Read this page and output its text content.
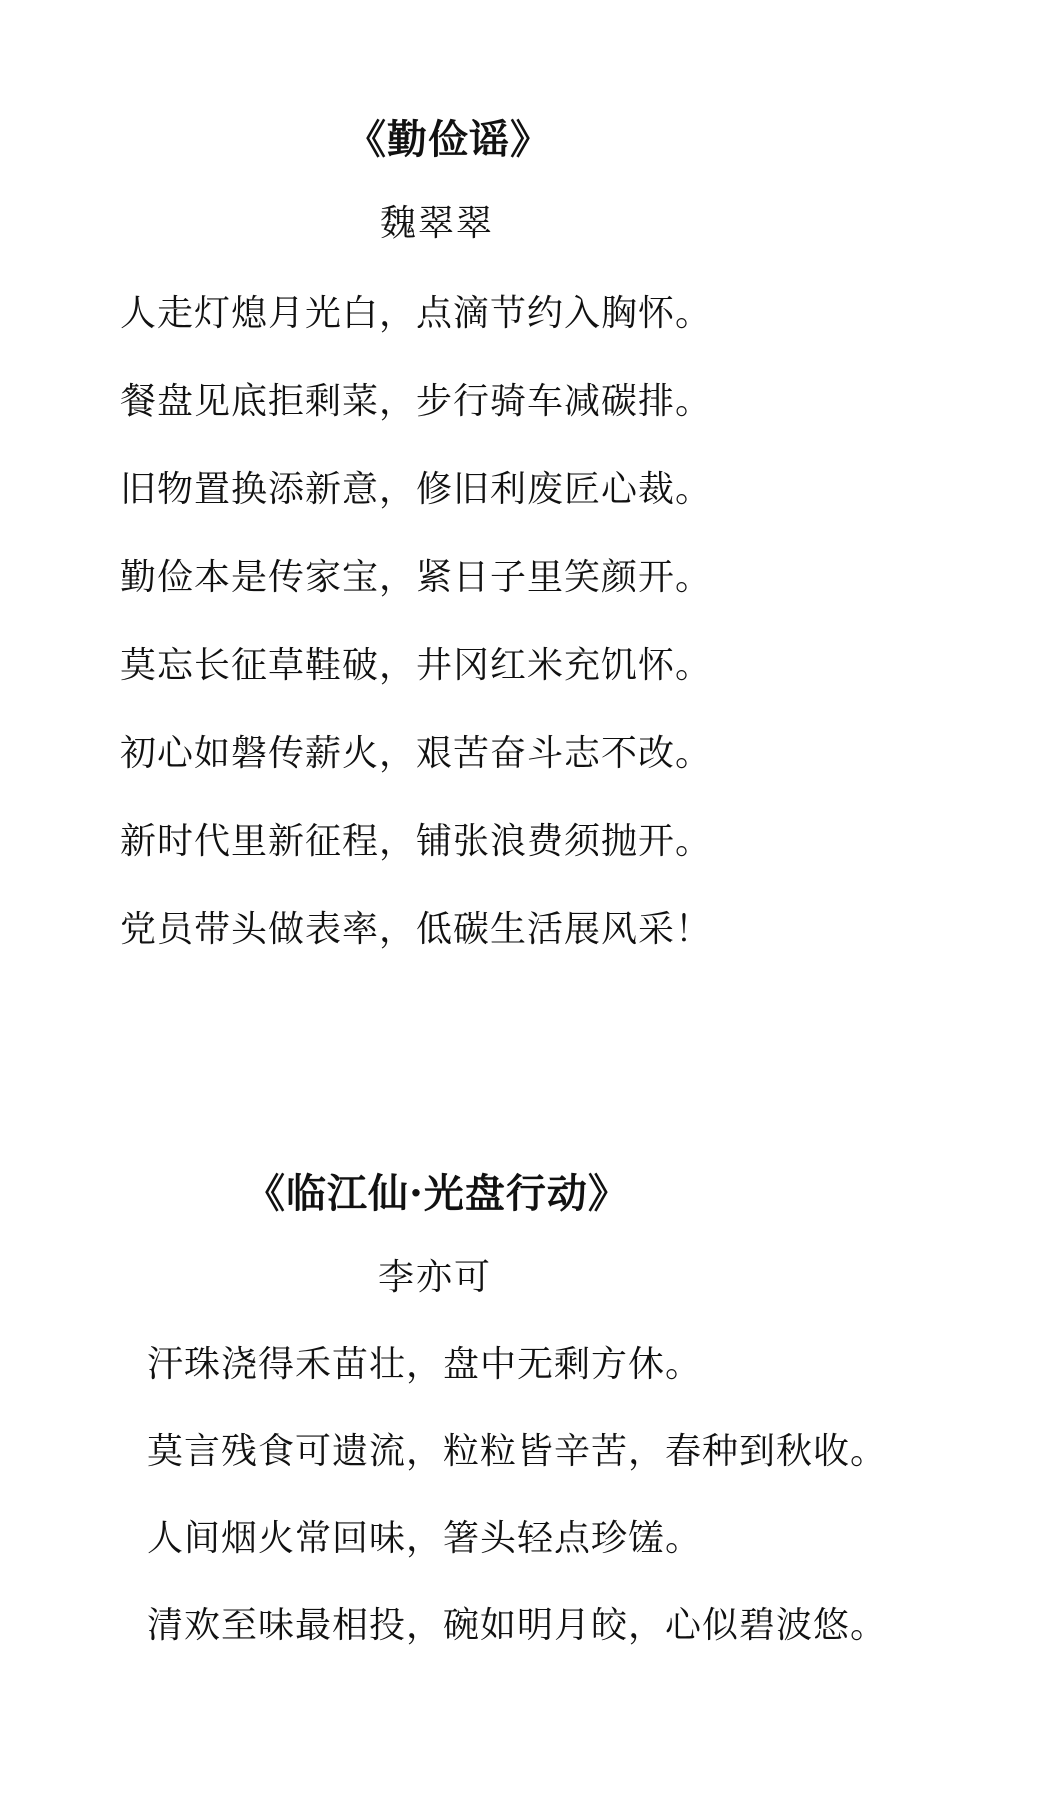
《勤俭谣》

魏翠翠

人走灯熄月光白，点滴节约入胸怀。
餐盘见底拒剩菜，步行骑车减碳排。
旧物置换添新意，修旧利废匠心裁。
勤俭本是传家宝，紧日子里笑颜开。
莫忘长征草鞋破，井冈红米充饥怀。
初心如磐传薪火，艰苦奋斗志不改。
新时代里新征程，铺张浪费须抛开。
党员带头做表率，低碳生活展风采！
《临江仙·光盘行动》

李亦可

汗珠浇得禾苗壮，盘中无剩方休。
莫言残食可遗流，粒粒皆辛苦，春种到秋收。
人间烟火常回味，箸头轻点珍馐。
清欢至味最相投，碗如明月皎，心似碧波悠。
